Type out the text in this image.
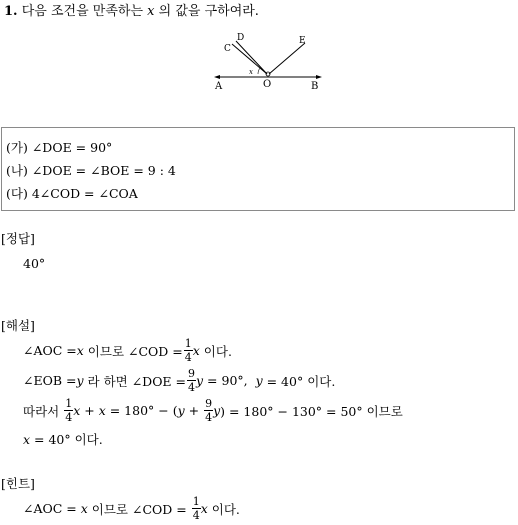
1. 다음 조건을 만족하는 x 의 값을 구하여라.
A	O	B
C
D	E
x
(가) ∠DOE = 90°
(나) ∠DOE = ∠BOE = 9 : 4
(다) 4∠COD = ∠COA
[정답]
40°
[해설]
∠AOC = x 이므로 ∠COD = $\frac{1}{4}$ x 이다.
∠EOB = y 라 하면 ∠DOE = $\frac{9}{4}$ y = 90°, y = 40° 이다.
따라서 $\frac{1}{4}$ x + x = 180° − ( $y + \frac{9}{4}$ y ) = 180° − 130° = 50° 이므로
x = 40° 이다.
[힌트]
∠AOC = x 이므로 ∠COD = $\frac{1}{4}$ x 이다.
